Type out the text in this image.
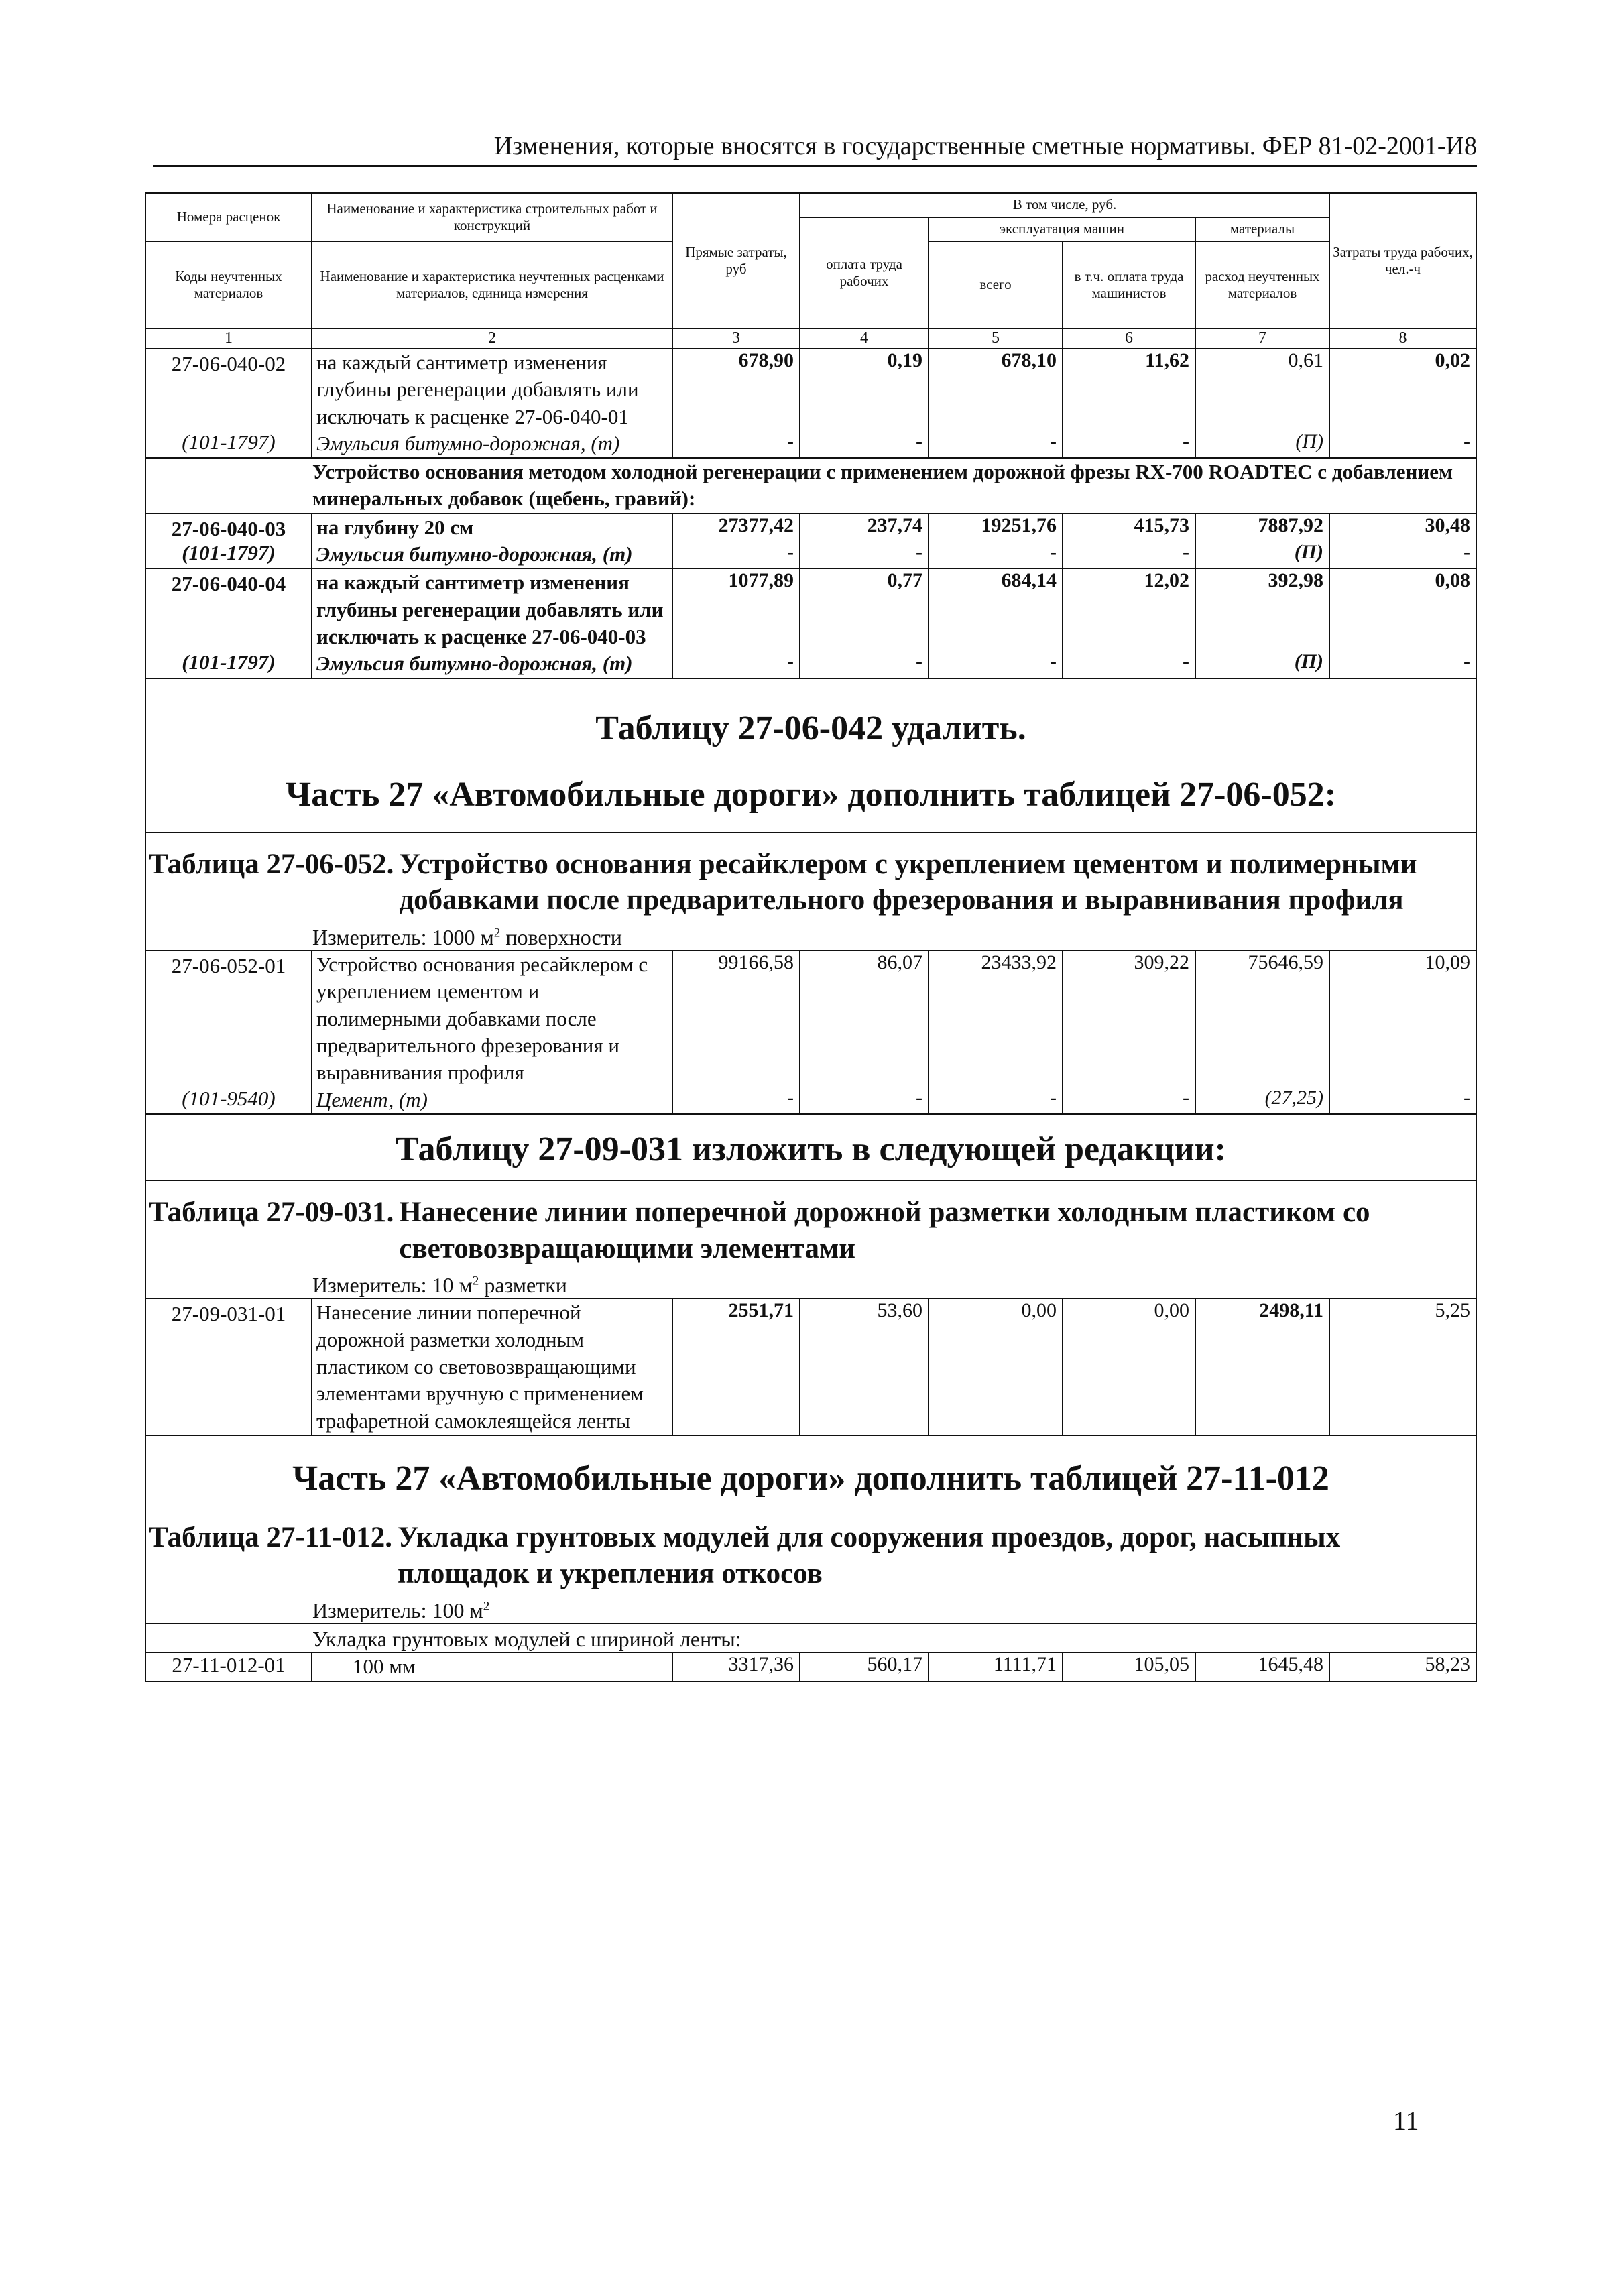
Изменения, которые вносятся в государственные сметные нормативы. ФЕР 81-02-2001-И8
Номера расценок	Наименование и характеристика строительных работ и конструкций	Прямые затраты, руб	В том числе, руб.				Затраты труда рабочих, чел.-ч
			оплата труда рабочих	эксплуатация машин		материалы	
Коды неучтенных материалов	Наименование и характеристика неучтенных расценками материалов, единица измерения			всего	в т.ч. оплата труда машинистов	расход неучтенных материалов	

1	2	3	4	5	6	7	8
27-06-040-02	на каждый сантиметр изменения глубины регенерации добавлять или исключать к расценке 27-06-040-01	678,90	0,19	678,10	11,62	0,61	0,02
(101-1797)	Эмульсия битумно-дорожная, (т)	-	-	-	-	(П)	-
Устройство основания методом холодной регенерации с применением дорожной фрезы RX-700 ROADTEC с добавлением минеральных добавок (щебень, гравий):							
27-06-040-03	на глубину 20 см	27377,42	237,74	19251,76	415,73	7887,92	30,48
(101-1797)	Эмульсия битумно-дорожная, (т)	-	-	-	-	(П)	-
27-06-040-04	на каждый сантиметр изменения глубины регенерации добавлять или исключать к расценке 27-06-040-03	1077,89	0,77	684,14	12,02	392,98	0,08
(101-1797)	Эмульсия битумно-дорожная, (т)	-	-	-	-	(П)	-

Таблицу 27-06-042 удалить.
Часть 27 «Автомобильные дороги» дополнить таблицей 27-06-052:							

Таблица 27-06-052. Устройство основания ресайклером с укреплением цементом и полимерными добавками после предварительного фрезерования и выравнивания профиля
Измеритель: 1000 $м^2$ поверхности							

27-06-052-01	Устройство основания ресайклером с укреплением цементом и полимерными добавками после предварительного фрезерования и выравнивания профиля	99166,58	86,07	23433,92	309,22	75646,59	10,09
(101-9540)	Цемент, (т)	-	-	-	-	(27,25)	-

Таблицу 27-09-031 изложить в следующей редакции:							

Таблица 27-09-031. Нанесение линии поперечной дорожной разметки холодным пластиком со световозвращающими элементами
Измеритель: 10 $м^2$ разметки							

27-09-031-01	Нанесение линии поперечной дорожной разметки холодным пластиком со световозвращающими элементами вручную с применением трафаретной самоклеящейся ленты	2551,71	53,60	0,00	0,00	2498,11	5,25

Часть 27 «Автомобильные дороги» дополнить таблицей 27-11-012
Таблица 27-11-012. Укладка грунтовых модулей для сооружения проездов, дорог, насыпных площадок и укрепления откосов
Измеритель: 100 $м^2$

Укладка грунтовых модулей с шириной ленты:							

27-11-012-01	100 мм	3317,36	560,17	1111,71	105,05	1645,48	58,23
11
